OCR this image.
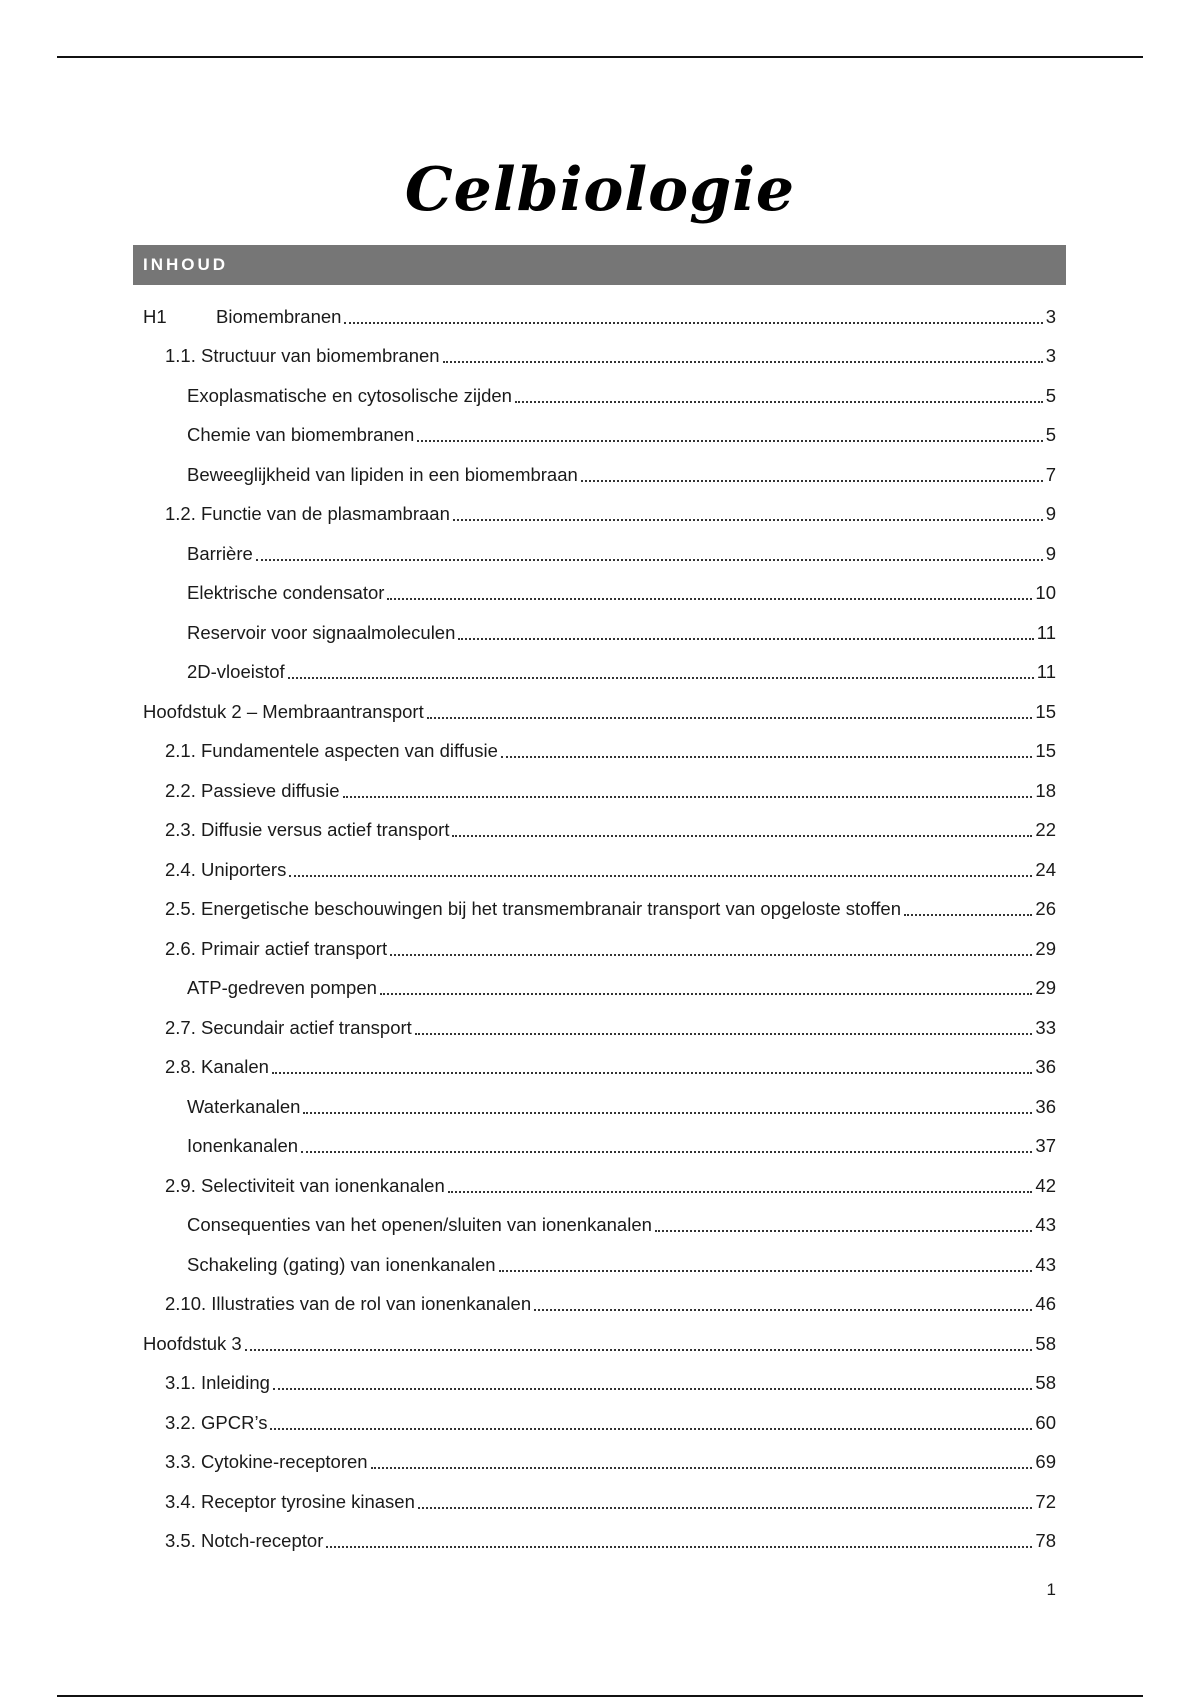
Celbiologie
INHOUD
H1	Biomembranen	3
1.1. Structuur van biomembranen	3
Exoplasmatische en cytosolische zijden	5
Chemie van biomembranen	5
Beweeglijkheid van lipiden in een biomembraan	7
1.2. Functie van de plasmambraan	9
Barrière	9
Elektrische condensator	10
Reservoir voor signaalmoleculen	11
2D-vloeistof	11
Hoofdstuk 2 – Membraantransport	15
2.1. Fundamentele aspecten van diffusie	15
2.2. Passieve diffusie	18
2.3. Diffusie versus actief transport	22
2.4. Uniporters	24
2.5. Energetische beschouwingen bij het transmembranair transport van opgeloste stoffen	26
2.6. Primair actief transport	29
ATP-gedreven pompen	29
2.7. Secundair actief transport	33
2.8. Kanalen	36
Waterkanalen	36
Ionenkanalen	37
2.9. Selectiviteit van ionenkanalen	42
Consequenties van het openen/sluiten van ionenkanalen	43
Schakeling (gating) van ionenkanalen	43
2.10. Illustraties van de rol van ionenkanalen	46
Hoofdstuk 3	58
3.1. Inleiding	58
3.2. GPCR’s	60
3.3. Cytokine-receptoren	69
3.4. Receptor tyrosine kinasen	72
3.5. Notch-receptor	78
1
